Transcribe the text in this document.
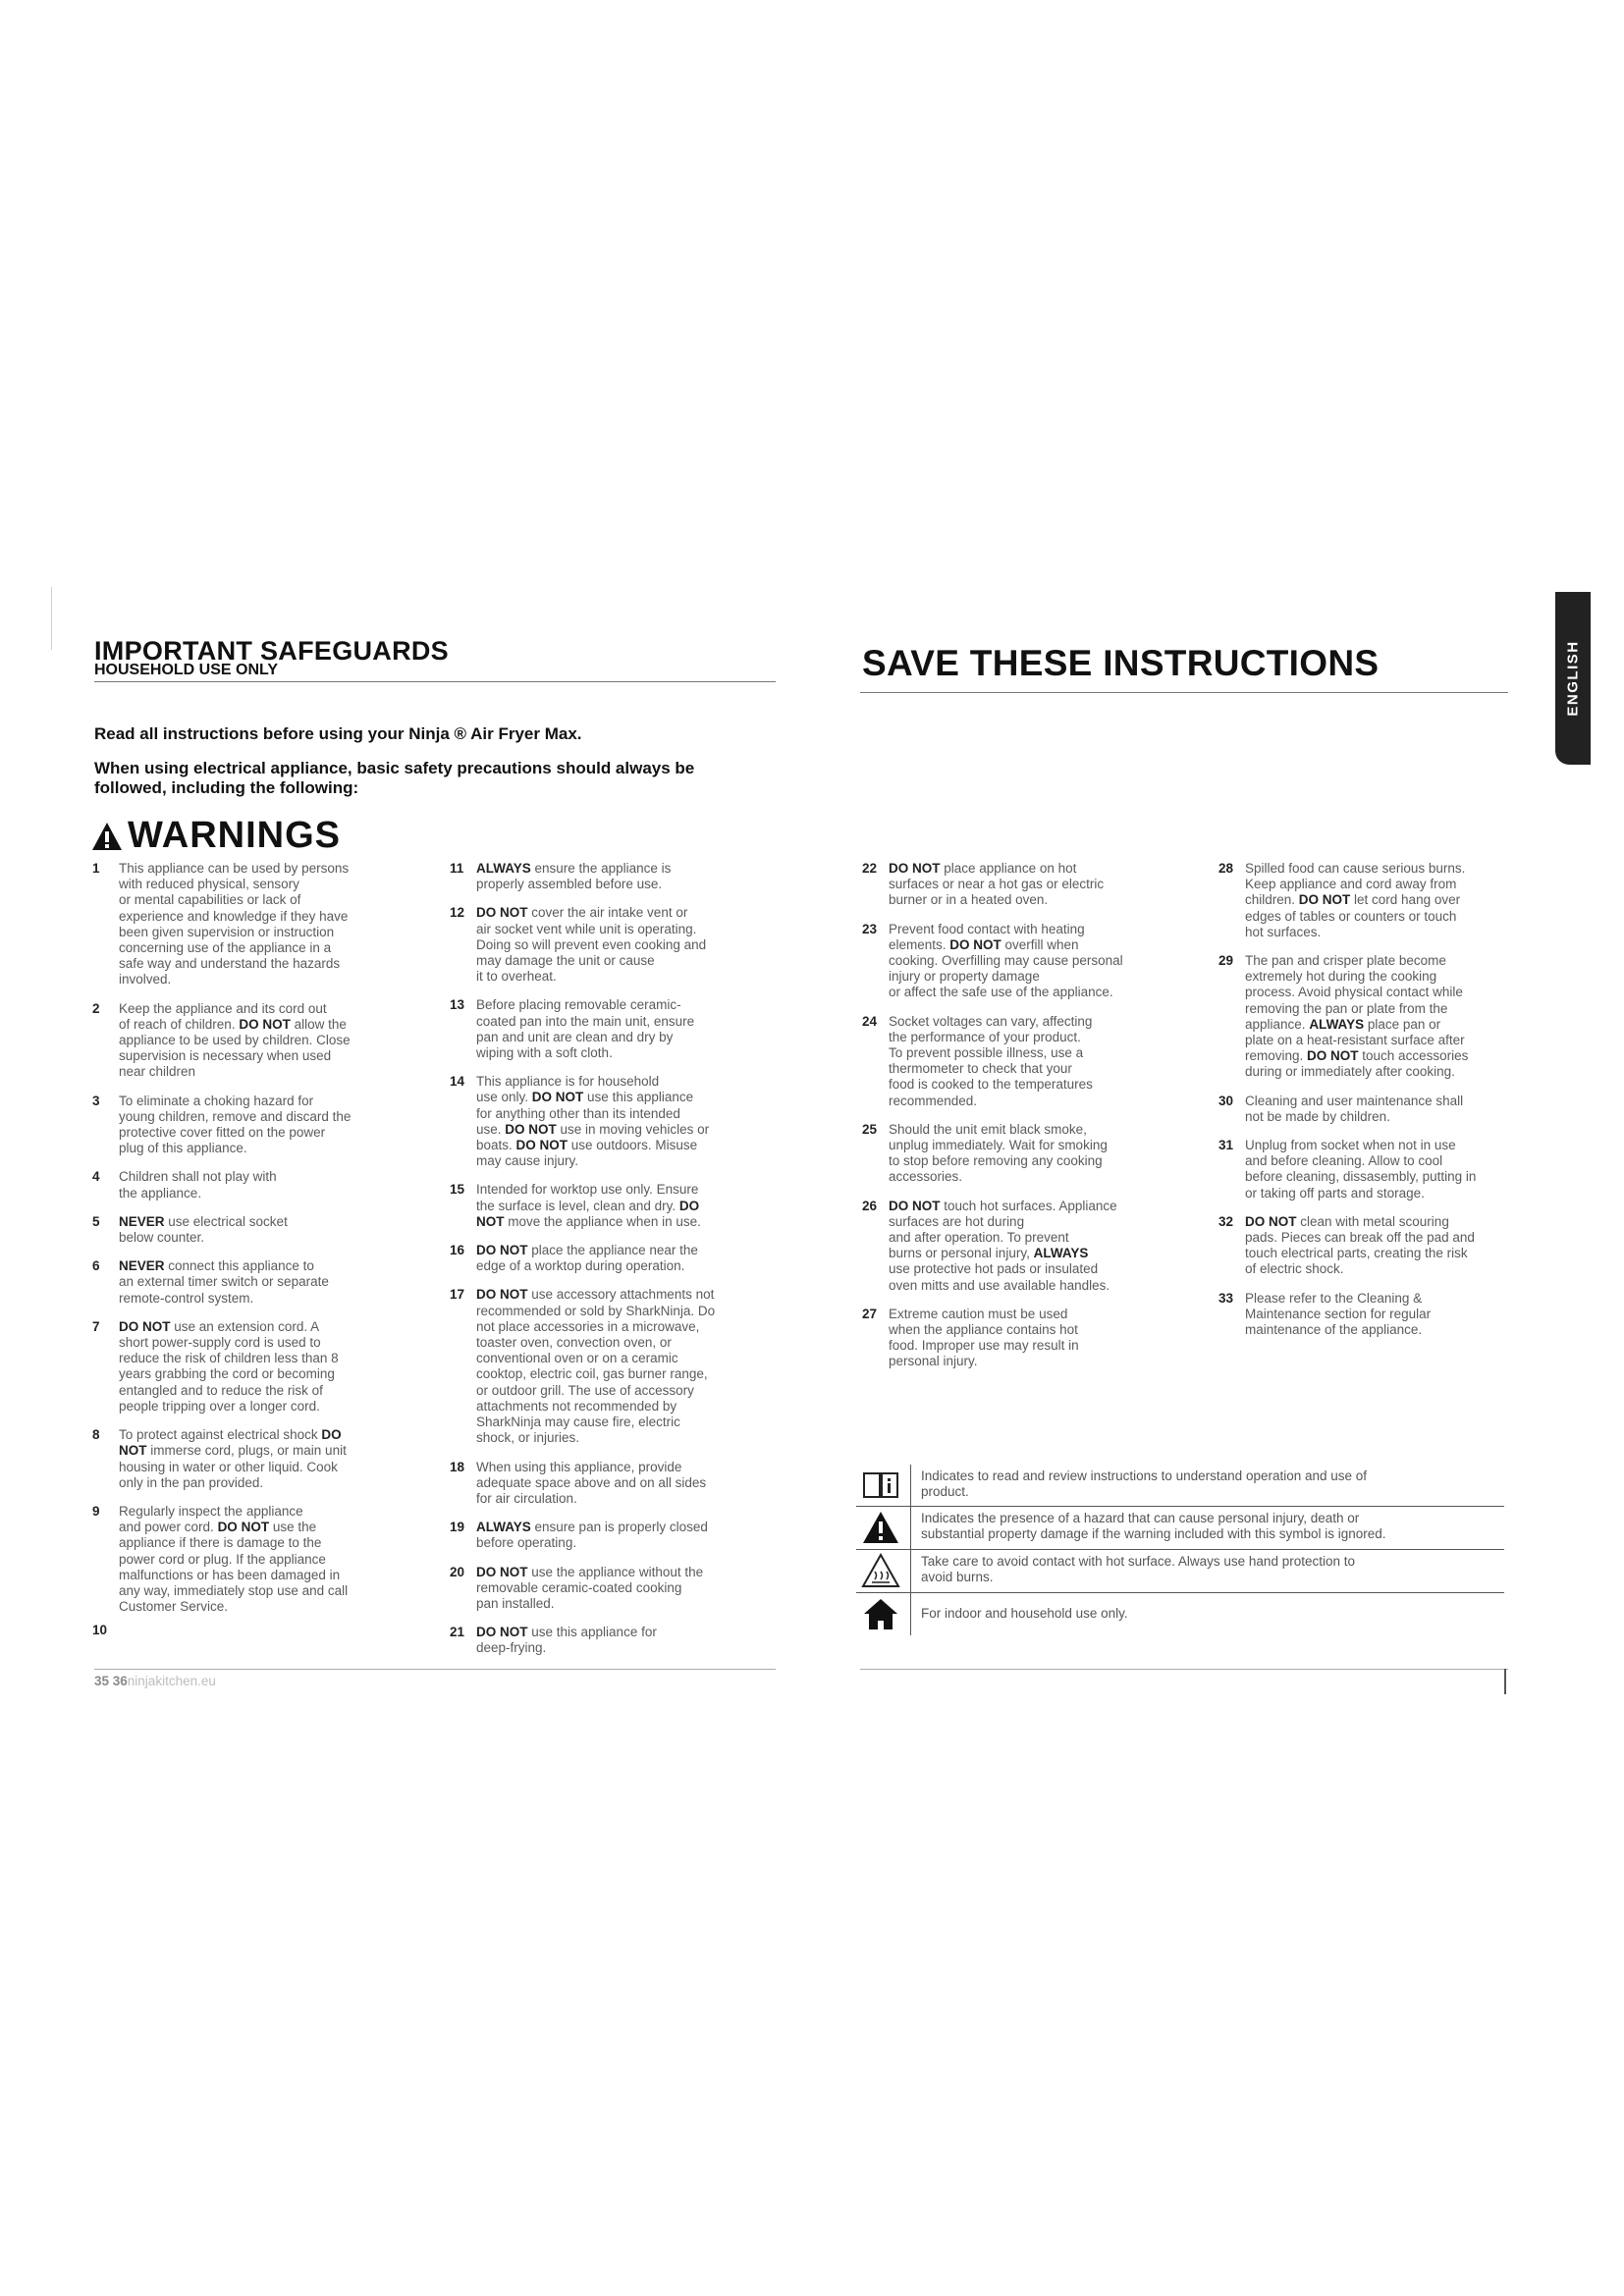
ENGLISH
IMPORTANT SAFEGUARDS
HOUSEHOLD USE ONLY	SAVE THESE INSTRUCTIONS
Read all instructions before using your Ninja ® Air Fryer Max.
When using electrical appliance, basic safety precautions should always be
followed, including the following:
WARNINGS
1 This appliance can be used by persons
with reduced physical, sensory
or mental capabilities or lack of
experience and knowledge if they have
been given supervision or instruction
concerning use of the appliance in a
safe way and understand the hazards
involved.
2 Keep the appliance and its cord out
of reach of children. DO NOT allow the
appliance to be used by children. Close
supervision is necessary when used
near children
3 To eliminate a choking hazard for
young children, remove and discard the
protective cover fitted on the power
plug of this appliance.
4 Children shall not play with
the appliance.
5 NEVER use electrical socket
below counter.
6 NEVER connect this appliance to
an external timer switch or separate
remote-control system.
7 DO NOT use an extension cord. A
short power-supply cord is used to
reduce the risk of children less than 8
years grabbing the cord or becoming
entangled and to reduce the risk of
people tripping over a longer cord.
8 To protect against electrical shock DO
NOT immerse cord, plugs, or main unit
housing in water or other liquid. Cook
only in the pan provided.
9 Regularly inspect the appliance
and power cord. DO NOT use the
appliance if there is damage to the
power cord or plug. If the appliance
malfunctions or has been damaged in
any way, immediately stop use and call
Customer Service.
10
11 ALWAYS ensure the appliance is
properly assembled before use.
12 DO NOT cover the air intake vent or
air socket vent while unit is operating.
Doing so will prevent even cooking and
may damage the unit or cause
it to overheat.
13 Before placing removable ceramic-
coated pan into the main unit, ensure
pan and unit are clean and dry by
wiping with a soft cloth.
14 This appliance is for household
use only. DO NOT use this appliance
for anything other than its intended
use. DO NOT use in moving vehicles or
boats. DO NOT use outdoors. Misuse
may cause injury.
15 Intended for worktop use only. Ensure
the surface is level, clean and dry. DO
NOT move the appliance when in use.
16 DO NOT place the appliance near the
edge of a worktop during operation.
17 DO NOT use accessory attachments not
recommended or sold by SharkNinja. Do
not place accessories in a microwave,
toaster oven, convection oven, or
conventional oven or on a ceramic
cooktop, electric coil, gas burner range,
or outdoor grill. The use of accessory
attachments not recommended by
SharkNinja may cause fire, electric
shock, or injuries.
18 When using this appliance, provide
adequate space above and on all sides
for air circulation.
19 ALWAYS ensure pan is properly closed
before operating.
20 DO NOT use the appliance without the
removable ceramic-coated cooking
pan installed.
21 DO NOT use this appliance for
deep-frying.
22 DO NOT place appliance on hot
surfaces or near a hot gas or electric
burner or in a heated oven.
23 Prevent food contact with heating
elements. DO NOT overfill when
cooking. Overfilling may cause personal
injury or property damage
or affect the safe use of the appliance.
24 Socket voltages can vary, affecting
the performance of your product.
To prevent possible illness, use a
thermometer to check that your
food is cooked to the temperatures
recommended.
25 Should the unit emit black smoke,
unplug immediately. Wait for smoking
to stop before removing any cooking
accessories.
26 DO NOT touch hot surfaces. Appliance
surfaces are hot during
and after operation. To prevent
burns or personal injury, ALWAYS
use protective hot pads or insulated
oven mitts and use available handles.
27 Extreme caution must be used
when the appliance contains hot
food. Improper use may result in
personal injury.
28 Spilled food can cause serious burns.
Keep appliance and cord away from
children. DO NOT let cord hang over
edges of tables or counters or touch
hot surfaces.
29 The pan and crisper plate become
extremely hot during the cooking
process. Avoid physical contact while
removing the pan or plate from the
appliance. ALWAYS place pan or
plate on a heat-resistant surface after
removing. DO NOT touch accessories
during or immediately after cooking.
30 Cleaning and user maintenance shall
not be made by children.
31 Unplug from socket when not in use
and before cleaning. Allow to cool
before cleaning, dissasembly, putting in
or taking off parts and storage.
32 DO NOT clean with metal scouring
pads. Pieces can break off the pad and
touch electrical parts, creating the risk
of electric shock.
33 Please refer to the Cleaning &
Maintenance section for regular
maintenance of the appliance.
Indicates to read and review instructions to understand operation and use of
product.
Indicates the presence of a hazard that can cause personal injury, death or
substantial property damage if the warning included with this symbol is ignored.
Take care to avoid contact with hot surface. Always use hand protection to
avoid burns.
For indoor and household use only.
35 36ninjakitchen.eu
